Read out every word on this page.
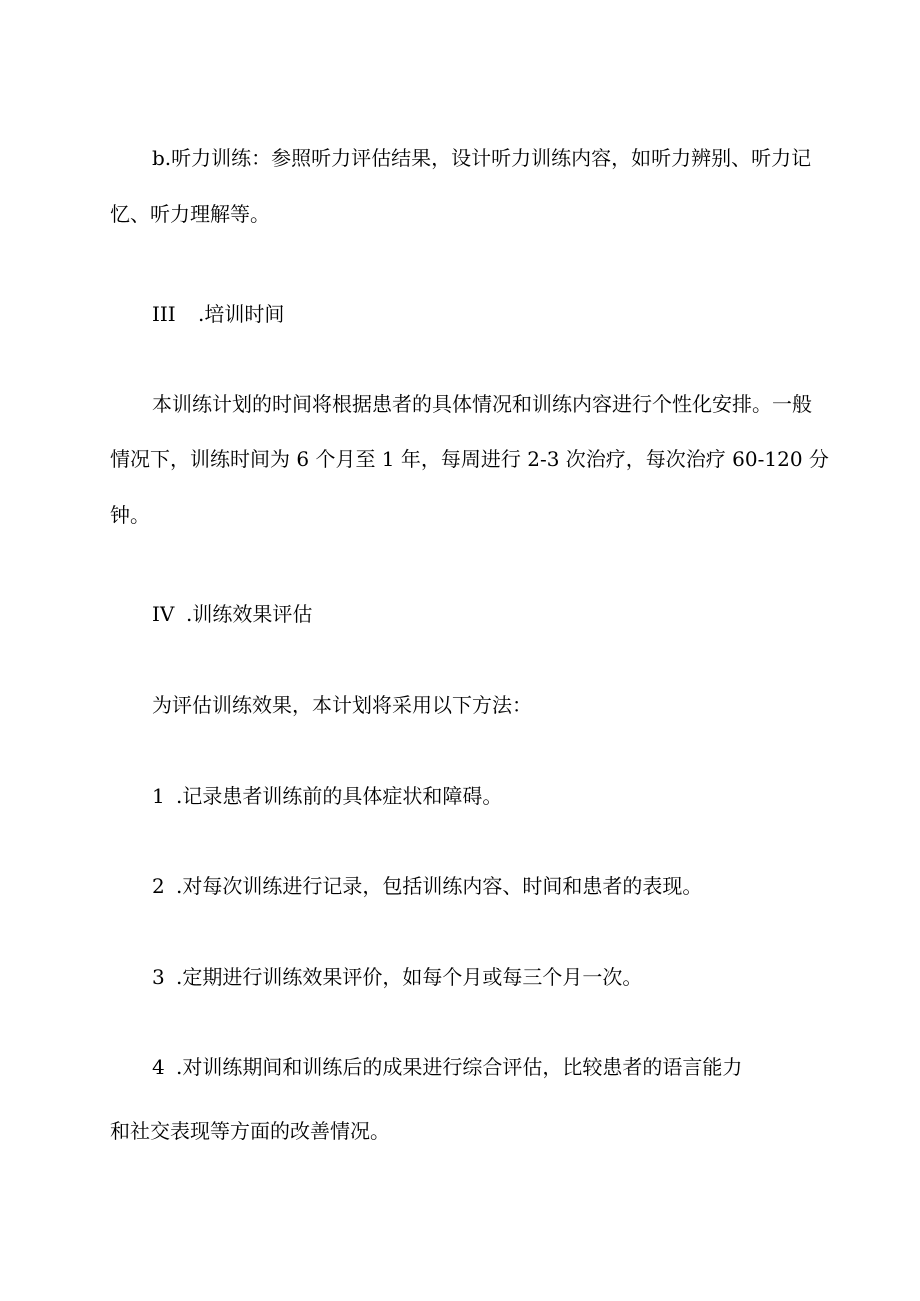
b.听力训练：参照听力评估结果，设计听力训练内容，如听力辨别、听力记

忆、听力理解等。

III .培训时间

本训练计划的时间将根据患者的具体情况和训练内容进行个性化安排。一般

情况下，训练时间为 6 个月至 1 年，每周进行 2-3 次治疗，每次治疗 60-120 分

钟。

IV .训练效果评估

为评估训练效果，本计划将采用以下方法：

1 .记录患者训练前的具体症状和障碍。

2 .对每次训练进行记录，包括训练内容、时间和患者的表现。

3 .定期进行训练效果评价，如每个月或每三个月一次。

4 .对训练期间和训练后的成果进行综合评估，比较患者的语言能力

和社交表现等方面的改善情况。
